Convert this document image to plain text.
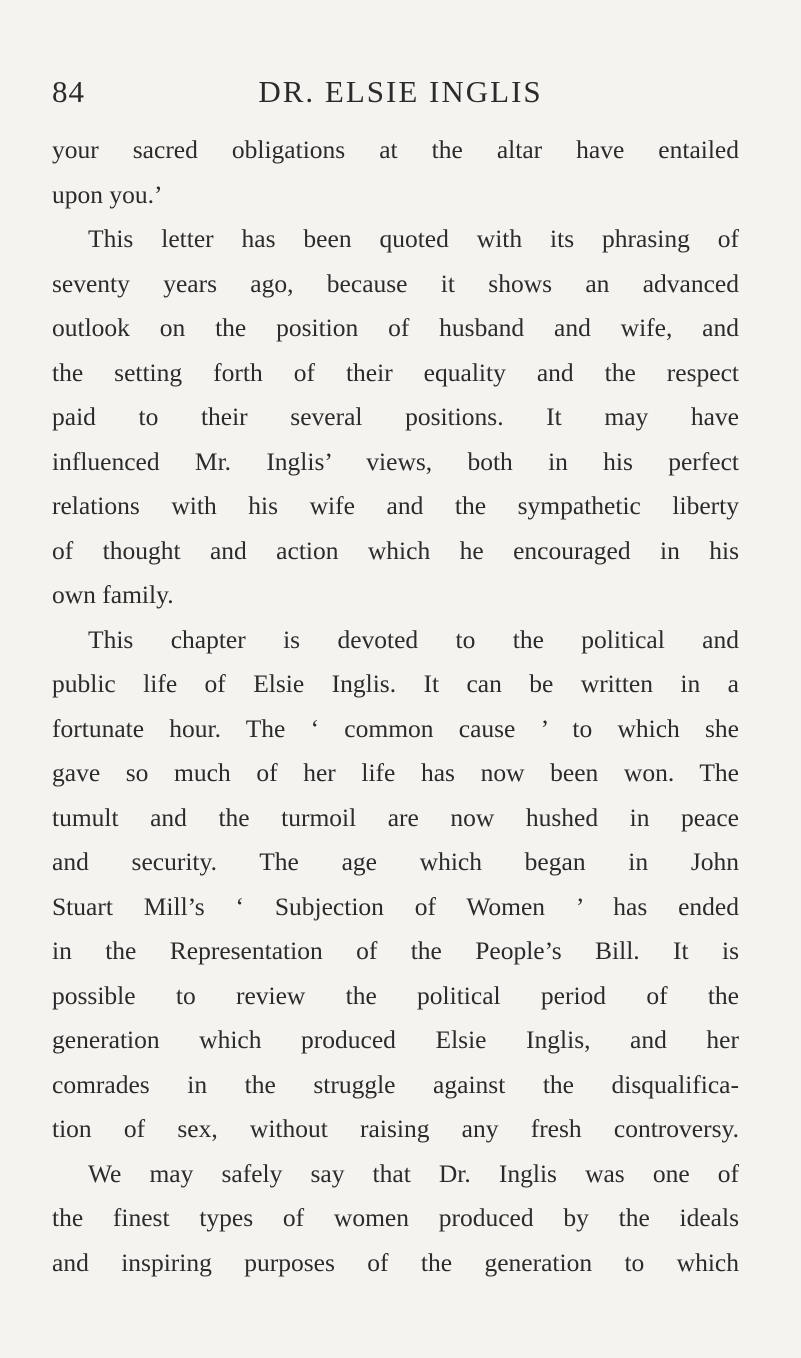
84	DR. ELSIE INGLIS
your sacred obligations at the altar have entailed
upon you.’
This letter has been quoted with its phrasing of
seventy years ago, because it shows an advanced
outlook on the position of husband and wife, and
the setting forth of their equality and the respect
paid to their several positions. It may have
influenced Mr. Inglis’ views, both in his perfect
relations with his wife and the sympathetic liberty
of thought and action which he encouraged in his
own family.
This chapter is devoted to the political and
public life of Elsie Inglis. It can be written in a
fortunate hour. The ‘ common cause ’ to which she
gave so much of her life has now been won. The
tumult and the turmoil are now hushed in peace
and security. The age which began in John
Stuart Mill’s ‘ Subjection of Women ’ has ended
in the Representation of the People’s Bill. It is
possible to review the political period of the
generation which produced Elsie Inglis, and her
comrades in the struggle against the disqualifica-
tion of sex, without raising any fresh controversy.
We may safely say that Dr. Inglis was one of
the finest types of women produced by the ideals
and inspiring purposes of the generation to which
